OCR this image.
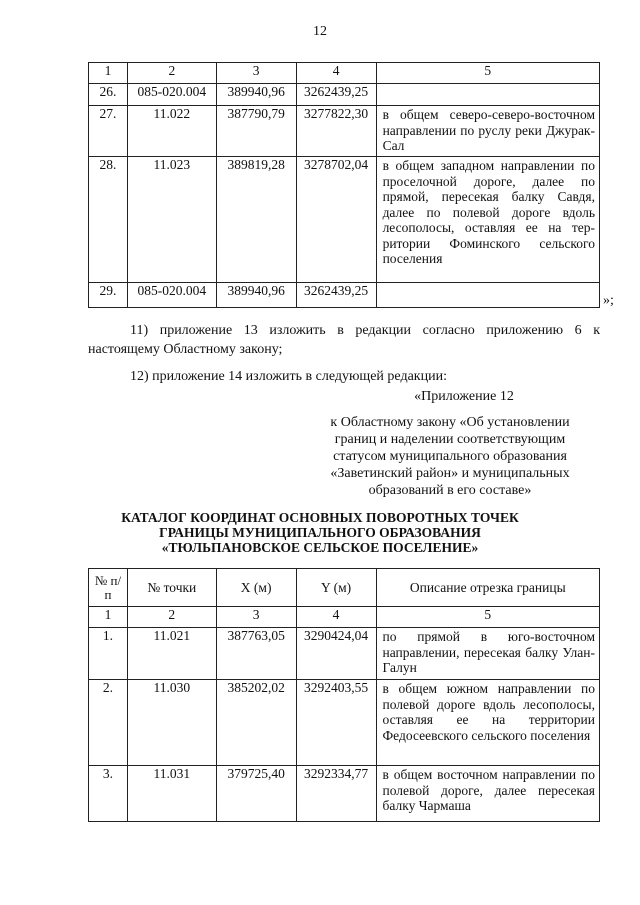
12
1	2	3	4	5
26.	085-020.004	389940,96	3262439,25	
27.	11.022	387790,79	3277822,30	в общем северо-северо-восточном направлении по руслу реки Джурак-Сал
28.	11.023	389819,28	3278702,04	в общем западном направлении по проселочной дороге, далее по прямой, пересекая балку Савдя, далее по полевой дороге вдоль лесополосы, оставляя ее на территории Фоминского сельского поселения
29.	085-020.004	389940,96	3262439,25	
»;
11) приложение 13 изложить в редакции согласно приложению 6 к настоящему Областному закону;
12) приложение 14 изложить в следующей редакции:
«Приложение 12
к Областному закону «Об установлении
границ и наделении соответствующим
статусом муниципального образования
«Заветинский район» и муниципальных
образований в его составе»
КАТАЛОГ КООРДИНАТ ОСНОВНЫХ ПОВОРОТНЫХ ТОЧЕК
ГРАНИЦЫ МУНИЦИПАЛЬНОГО ОБРАЗОВАНИЯ
«ТЮЛЬПАНОВСКОЕ СЕЛЬСКОЕ ПОСЕЛЕНИЕ»
№ п/п	№ точки	X (м)	Y (м)	Описание отрезка границы
1	2	3	4	5
1.	11.021	387763,05	3290424,04	по прямой в юго-восточном направлении, пересекая балку Улан-Галун
2.	11.030	385202,02	3292403,55	в общем южном направлении по полевой дороге вдоль лесополосы, оставляя ее на территории Федосеевского сельского поселения
3.	11.031	379725,40	3292334,77	в общем восточном направлении по полевой дороге, далее пересекая балку Чармаша
